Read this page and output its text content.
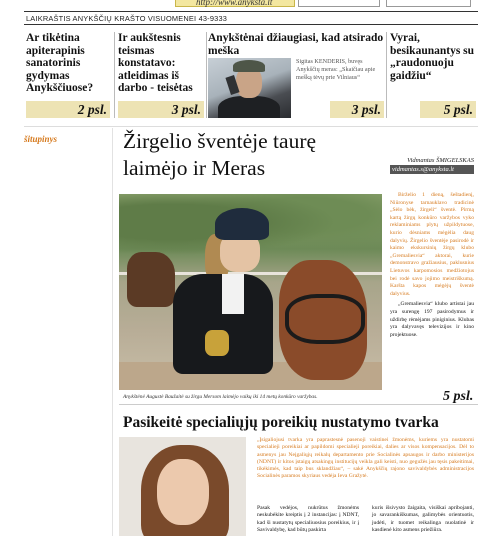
http://www.anyksta.lt
LAIKRAŠTIS ANYKŠČIŲ KRAŠTO VISUOMENEI 43-9333
Ar tikėtina apiterapinis sanatorinis gydymas Anykščiuose?
2 psl.
Ir aukštesnis teismas konstatavo: atleidimas iš darbo - teisėtas
3 psl.
Anykštėnai džiaugiasi, kad atsirado meška
Sigitas KENDERIS, buvęs Anykščių meras: „Skaičiau apie mešką tėvų prie Vilniaus“
3 psl.
Vyrai, besikaunantys su „raudonuoju gaidžiu“
5 psl.
šitupinys	Žirgelio šventėje taurę laimėjo ir Meras	Vidmantas ŠMIGELSKAS
vidmantas.s@anyksta.lt

Birželio 1 dieną, šeštadienį, Niūronyse tarnauklavo tradicinė „Sėlo bėk, žirgeli“ šventė. Pirmą kartą žirgų konkūro varžybos vyko reklaminiams plytų užpildytuose, kurio dėsniams mėgėlia daug dalyvių. Žirgelio šventėje pasirodė ir kaimo ekskursinių žirgų klubo „Gremaliesvia“ aktorai, kurie demonstravo gražiausius, paklusnius Lietuvos karpomosios medžiotojus bei rodė savo jojimo meistriškumą. Karšta kapos mėgėjų šventė dalyvius.

„Gremaliesvia“ klubo artistai jau yra surengę 197 pasirodymus ir uždirbę rėmėjams piniginius. Klubas yra dalyvavęs televizijos ir kino projektuose.

Anykštėnė Augustė Baužaitė su žirgu Mersom laimėjo vaikų iki 14 metų konkūro varžybas.	5 psl.
Pasikeitė specialiųjų poreikių nustatymo tvarka
„Įsigaliojusi tvarka yra paprastesnė pasenoji vaistinei žmonėms, kuriems yra nustatomi specialieji poreikiai ar papildomi specialieji poreikiai, dalies ar visos kompensacijos. Dėl to asmenys jau Neįgaliųjų reikalų departamento prie Socialinės apsaugos ir darbo ministerijos (NDNT) ir kitos įstaigų atsakingų institucijų veikla gali keisti, nuo gegužės jau tęsis pakeitimai, tikėkimės, kad taip bus sklandžiau“, – sakė Anykščių rajono savivaldybės administracijos Socialinės paramos skyriaus vedėja Ieva Gražytė.
Pasak vedėjos, nukrūtus žmonėms neskubėkite kreiptis į 2 instancijas: į NDNT, kad ši nustatytų specialiuosius poreikius, ir į Savivaldybę, kad būtų paskirta
kuris išsivysto žaigaita, visiškai apribojanti, jo savarankiškumas, galimybės orientuotis, judėti, ir tuomet reikalinga nuolatinė ir kasdienė kito asmens priežiūra.
